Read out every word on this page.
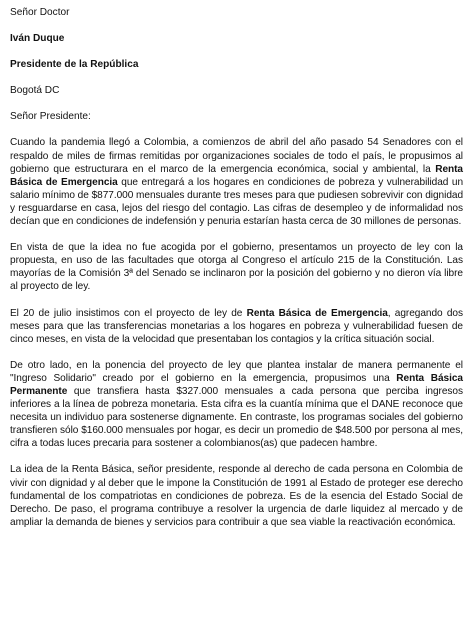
Señor Doctor
Iván Duque
Presidente de la República
Bogotá DC
Señor Presidente:

Cuando la pandemia llegó a Colombia, a comienzos de abril del año pasado 54 Senadores con el respaldo de miles de firmas remitidas por organizaciones sociales de todo el país, le propusimos al gobierno que estructurara en el marco de la emergencia económica, social y ambiental, la Renta Básica de Emergencia que entregará a los hogares en condiciones de pobreza y vulnerabilidad un salario mínimo de $877.000 mensuales durante tres meses para que pudiesen sobrevivir con dignidad y resguardarse en casa, lejos del riesgo del contagio. Las cifras de desempleo y de informalidad nos decían que en condiciones de indefensión y penuria estarían hasta cerca de 30 millones de personas.

En vista de que la idea no fue acogida por el gobierno, presentamos un proyecto de ley con la propuesta, en uso de las facultades que otorga al Congreso el artículo 215 de la Constitución. Las mayorías de la Comisión 3ª del Senado se inclinaron por la posición del gobierno y no dieron vía libre al proyecto de ley.

El 20 de julio insistimos con el proyecto de ley de Renta Básica de Emergencia, agregando dos meses para que las transferencias monetarias a los hogares en pobreza y vulnerabilidad fuesen de cinco meses, en vista de la velocidad que presentaban los contagios y la crítica situación social.

De otro lado, en la ponencia del proyecto de ley que plantea instalar de manera permanente el "Ingreso Solidario" creado por el gobierno en la emergencia, propusimos una Renta Básica Permanente que transfiera hasta $327.000 mensuales a cada persona que perciba ingresos inferiores a la línea de pobreza monetaria. Esta cifra es la cuantía mínima que el DANE reconoce que necesita un individuo para sostenerse dignamente. En contraste, los programas sociales del gobierno transfieren sólo $160.000 mensuales por hogar, es decir un promedio de $48.500 por persona al mes, cifra a todas luces precaria para sostener a colombianos(as) que padecen hambre.

La idea de la Renta Básica, señor presidente, responde al derecho de cada persona en Colombia de vivir con dignidad y al deber que le impone la Constitución de 1991 al Estado de proteger ese derecho fundamental de los compatriotas en condiciones de pobreza. Es de la esencia del Estado Social de Derecho. De paso, el programa contribuye a resolver la urgencia de darle liquidez al mercado y de ampliar la demanda de bienes y servicios para contribuir a que sea viable la reactivación económica.
